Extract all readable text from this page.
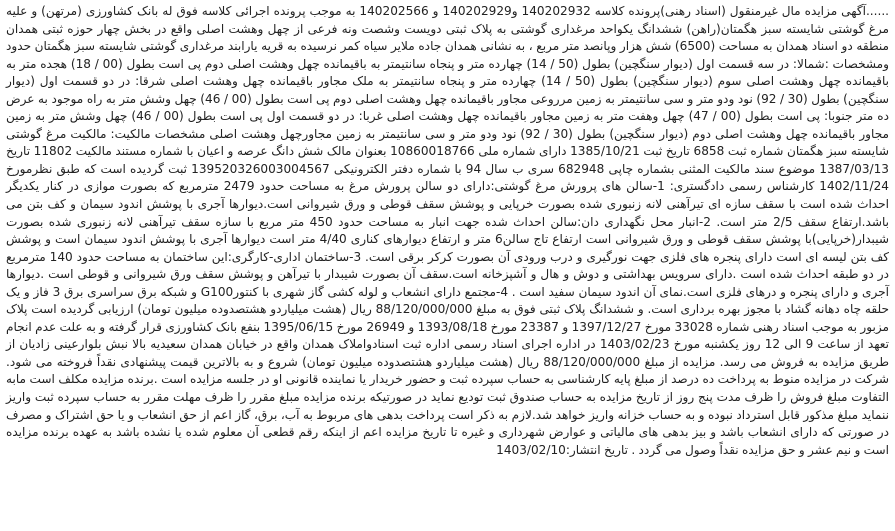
......آگهی مزایده مال غیرمنقول (اسناد رهنی)پرونده کلاسه 140202932 و140202929 و 140202566 به موجب پرونده اجرائی کلاسه فوق له بانک کشاورزی (مرتهن) و علیه مرغ گوشتی شایسته سبز هگمتان(راهن) ششدانگ یکواحد مرغداری گوشتی به پلاک ثبتی دویست وشصت ونه فرعی از چهل وهشت اصلی واقع در بخش چهار حوزه ثبتی همدان منطقه دو اسناد همدان به مساحت (6500) شش هزار وپانصد متر مربع ، به نشانی همدان جاده ملایر سیاه کمر نرسیده به قریه یارابند مرغداری گوشتی شایسته سبز هگمتان حدود ومشخصات :شمالا: در سه قسمت اول (دیوار سنگچین) بطول (50 / 14) چهارده متر و پنجاه سانتیمتر به باقیمانده چهل وهشت اصلی دوم پی است بطول (00 / 18) هجده متر به باقیمانده چهل وهشت اصلی سوم (دیوار سنگچین) بطول (50 / 14) چهارده متر و پنجاه سانتیمتر به ملک مجاور باقیمانده چهل وهشت اصلی شرقا: در دو قسمت اول (دیوار سنگچین) بطول (30 / 92) نود ودو متر و سی سانتیمتر به زمین مرروعی مجاور باقیمانده چهل وهشت اصلی دوم پی است بطول (00 / 46) چهل وشش متر به راه موجود به عرض ده متر جنوبا: پی است بطول (00 / 47) چهل وهفت متر به زمین مجاور باقیمانده چهل وهشت اصلی غربا: در دو قسمت اول پی است بطول (00 / 46) چهل وشش متر به زمین مجاور باقیمانده چهل وهشت اصلی دوم (دیوار سنگچین) بطول (30 / 92) نود ودو متر و سی سانتیمتر به زمین مجاورچهل وهشت اصلی مشخصات مالکیت: مالکیت مرغ گوشتی شایسته سبز هگمتان شماره ثبت 6858 تاریخ ثبت 1385/10/21 دارای شماره ملی 10860018766 بعنوان مالک شش دانگ عرصه و اعیان با شماره مستند مالکیت 11802 تاریخ 1387/03/13 موضوع سند مالکیت المثنی بشماره چاپی 682948 سری ب سال 94 با شماره دفتر الکترونیکی 139520326003004567 ثبت گردیده است که طبق نظرمورخ 1402/11/24 کارشناس رسمی دادگستری: 1-سالن های پرورش مرغ گوشتی:دارای دو سالن پرورش مرغ به مساحت حدود 2479 مترمربع که بصورت موازی در کنار یکدیگر احداث شده است با سقف سازه ای تیرآهنی لانه زنبوری شده بصورت خرپایی و پوشش سقف قوطی و ورق شیروانی است.دیوارها آجری با پوشش اندود سیمان و کف بتن می باشد.ارتفاع سقف 2/5 متر است. 2-انبار محل نگهداری دان:سالن احداث شده جهت انبار به مساحت حدود 450 متر مربع با سازه سقف تیرآهنی لانه زنبوری شده بصورت شیبدار(خرپایی)با پوشش سقف قوطی و ورق شیروانی است ارتفاع تاج سالن6 متر و ارتفاع دیوارهای کناری 4/40 متر است دیوارها آجری با پوشش اندود سیمان است و پوشش کف بتن لیسه ای است دارای پنجره های فلزی جهت نورگیری و درب ورودی آن بصورت کرکر برقی است. 3-ساختمان اداری-کارگری:این ساختمان به مساحت حدود 140 مترمربع در دو طبقه احداث شده است .دارای سرویس بهداشتی و دوش و هال و آشپزخانه است.سقف آن بصورت شیبدار با تیرآهن و پوشش سقف ورق شیروانی و قوطی است .دیوارها آجری و دارای پنجره و درهای فلزی است.نمای آن اندود سیمان سفید است . 4-مجتمع دارای انشعاب و لوله کشی گاز شهری با کنتورG100 و شبکه برق سراسری برق 3 فاز و یک حلقه چاه دهانه گشاد با مجوز بهره برداری است. و ششدانگ پلاک ثبتی فوق به مبلغ 88/120/000/000 ریال (هشت میلیاردو هشتصدوده میلیون تومان) ارزیابی گردیده است پلاک مزبور به موجب اسناد رهنی شماره 33028 مورخ 1397/12/27 و 23387 مورخ 1393/08/18 و 26949 مورخ 1395/06/15 بنفع بانک کشاورزی قرار گرفته و به علت عدم انجام تعهد از ساعت 9 الی 12 روز یکشنبه مورخ 1403/02/23 در اداره اجرای اسناد رسمی اداره ثبت اسنادواملاک همدان واقع در خیابان همدان سعیدیه بالا نبش بلوارعینی زادیان از طریق مزایده به فروش می رسد. مزایده از مبلغ 88/120/000/000 ریال (هشت میلیاردو هشتصدوده میلیون تومان) شروع و به بالاترین قیمت پیشنهادی نقداً فروخته می شود. شرکت در مزایده منوط به پرداخت ده درصد از مبلغ پایه کارشناسی به حساب سپرده ثبت و حضور خریدار یا نماینده قانونی او در جلسه مزایده است .برنده مزایده مکلف است مابه التفاوت مبلغ فروش را ظرف مدت پنج روز از تاریخ مزایده به حساب صندوق ثبت تودیع نماید در صورتیکه برنده مزایده مبلغ مقرر را ظرف مهلت مقرر به حساب سپرده ثبت واریز ننماید مبلغ مذکور قابل استرداد نبوده و به حساب خزانه واریز خواهد شد.لازم به ذکر است پرداخت بدهی های مربوط به آب، برق، گاز اعم از حق انشعاب و یا حق اشتراک و مصرف در صورتی که دارای انشعاب باشد و بیز بدهی های مالیاتی و عوارض شهرداری و غیره تا تاریخ مزایده اعم از اینکه رقم قطعی آن معلوم شده یا نشده باشد به عهده برنده مزایده است و نیم عشر و حق مزایده نقداً وصول می گردد . تاریخ انتشار:1403/02/10
